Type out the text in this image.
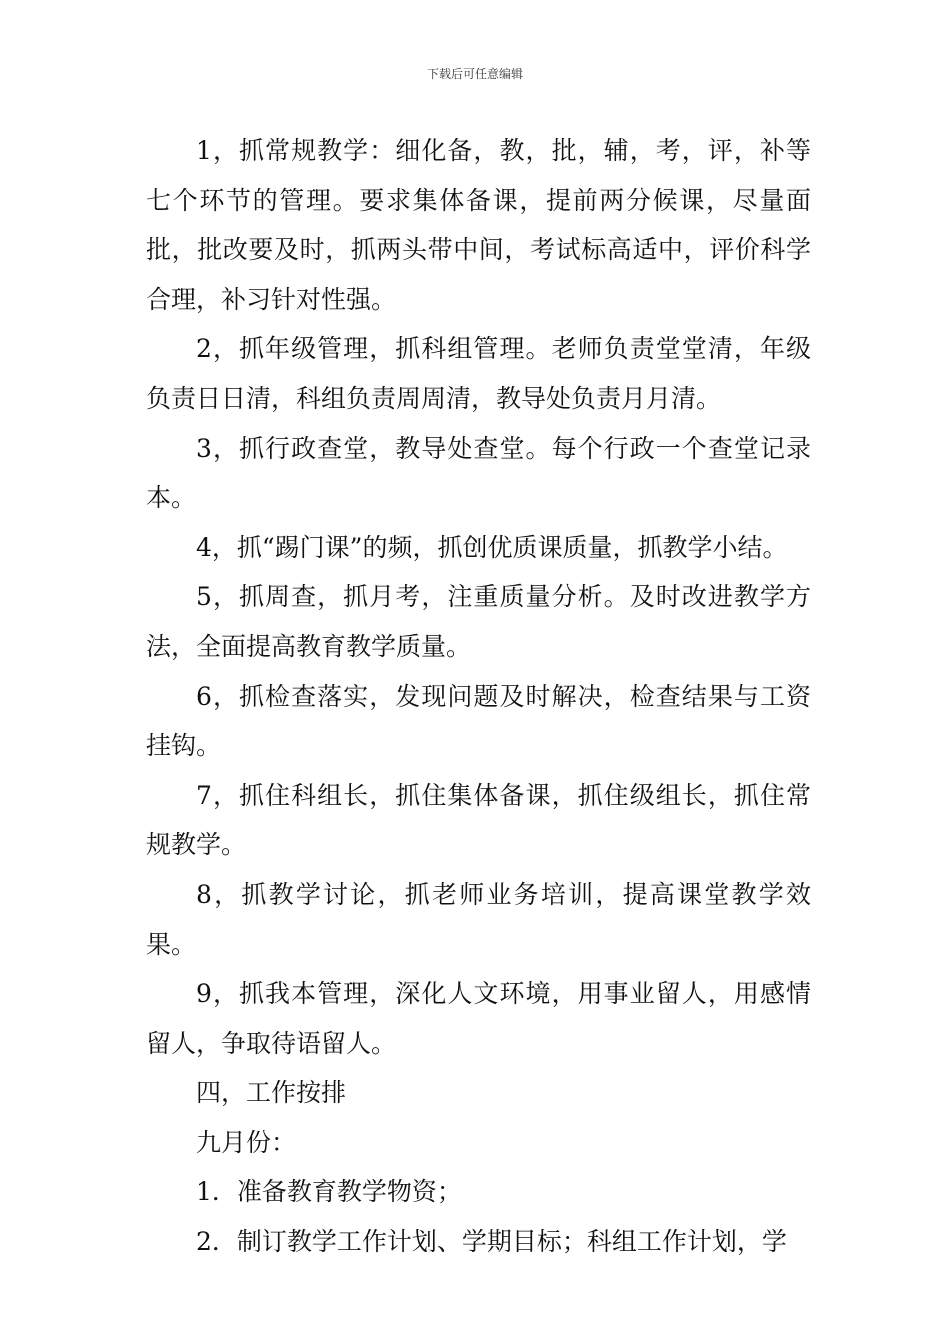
下载后可任意编辑

1，抓常规教学：细化备，教，批，辅，考，评，补等七个环节的管理。要求集体备课，提前两分候课，尽量面批，批改要及时，抓两头带中间，考试标高适中，评价科学合理，补习针对性强。

2，抓年级管理，抓科组管理。老师负责堂堂清，年级负责日日清，科组负责周周清，教导处负责月月清。

3，抓行政查堂，教导处查堂。每个行政一个查堂记录本。

4，抓“踢门课”的频，抓创优质课质量，抓教学小结。

5，抓周查，抓月考，注重质量分析。及时改进教学方法，全面提高教育教学质量。

6，抓检查落实，发现问题及时解决，检查结果与工资挂钩。

7，抓住科组长，抓住集体备课，抓住级组长，抓住常规教学。

8，抓教学讨论，抓老师业务培训，提高课堂教学效果。

9，抓我本管理，深化人文环境，用事业留人，用感情留人，争取待语留人。

四，工作按排

九月份：

1．准备教育教学物资；

2．制订教学工作计划、学期目标；科组工作计划，学
